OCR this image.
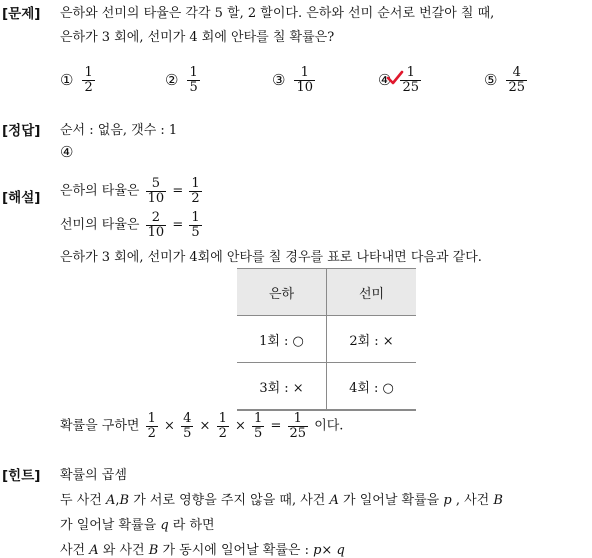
[문제] 은하와 선미의 타율은 각각 5 할, 2 할이다. 은하와 선미 순서로 번갈아 칠 때,
은하가 3 회에, 선미가 4 회에 안타를 칠 확률은?
① $\frac{1}{2}$	② $\frac{1}{5}$	③ $\frac{1}{10}$	④ $\frac{1}{25}$	⑤ $\frac{4}{25}$
[정답] 순서 : 없음, 갯수 : 1
④
[해설] 은하의 타율은 $\frac{5}{10} = \frac{1}{2}$
선미의 타율은 $\frac{2}{10} = \frac{1}{5}$
은하가 3 회에, 선미가 4회에 안타를 칠 경우를 표로 나타내면 다음과 같다.
은하	선미
1회 : ○	2회 : ×
3회 : ×	4회 : ○
확률을 구하면 $\frac{1}{2} \times \frac{4}{5} \times \frac{1}{2} \times \frac{1}{5} = \frac{1}{25}$ 이다.
[힌트] 확률의 곱셈
두 사건 A,B 가 서로 영향을 주지 않을 때, 사건 A 가 일어날 확률을 p , 사건 B
가 일어날 확률을 q 라 하면
사건 A 와 사건 B 가 동시에 일어날 확률은 : p× q
